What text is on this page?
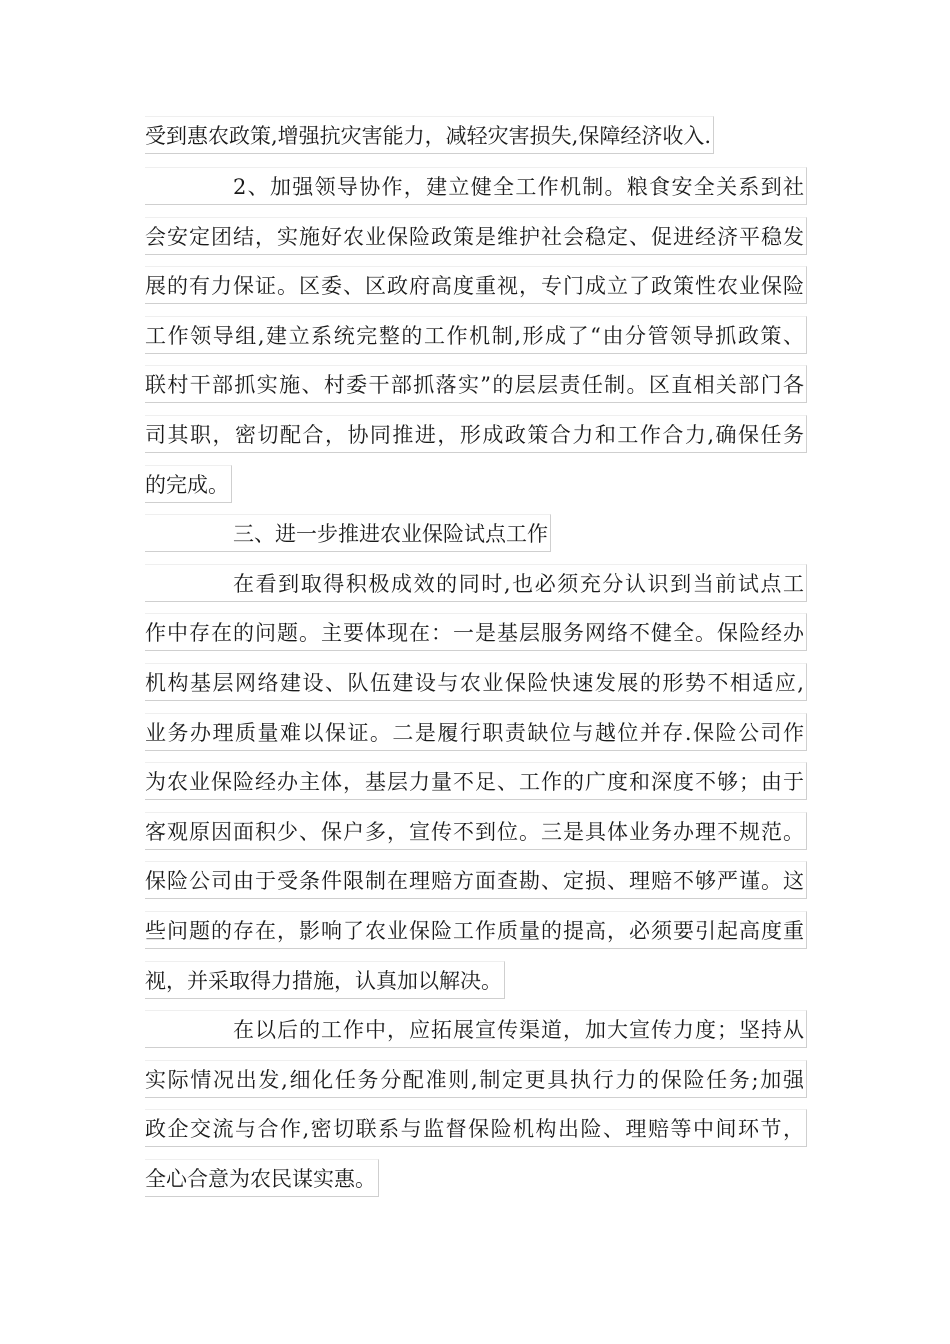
受到惠农政策,增强抗灾害能力，减轻灾害损失,保障经济收入.
2、加强领导协作，建立健全工作机制。粮食安全关系到社
会安定团结，实施好农业保险政策是维护社会稳定、促进经济平稳发
展的有力保证。区委、区政府高度重视，专门成立了政策性农业保险
工作领导组,建立系统完整的工作机制,形成了“由分管领导抓政策、
联村干部抓实施、村委干部抓落实”的层层责任制。区直相关部门各
司其职，密切配合，协同推进，形成政策合力和工作合力,确保任务
的完成。
三、进一步推进农业保险试点工作
在看到取得积极成效的同时,也必须充分认识到当前试点工
作中存在的问题。主要体现在：一是基层服务网络不健全。保险经办
机构基层网络建设、队伍建设与农业保险快速发展的形势不相适应,
业务办理质量难以保证。二是履行职责缺位与越位并存.保险公司作
为农业保险经办主体，基层力量不足、工作的广度和深度不够；由于
客观原因面积少、保户多，宣传不到位。三是具体业务办理不规范。
保险公司由于受条件限制在理赔方面查勘、定损、理赔不够严谨。这
些问题的存在，影响了农业保险工作质量的提高，必须要引起高度重
视，并采取得力措施，认真加以解决。
在以后的工作中，应拓展宣传渠道，加大宣传力度；坚持从
实际情况出发,细化任务分配准则,制定更具执行力的保险任务;加强
政企交流与合作,密切联系与监督保险机构出险、理赔等中间环节，
全心合意为农民谋实惠。
